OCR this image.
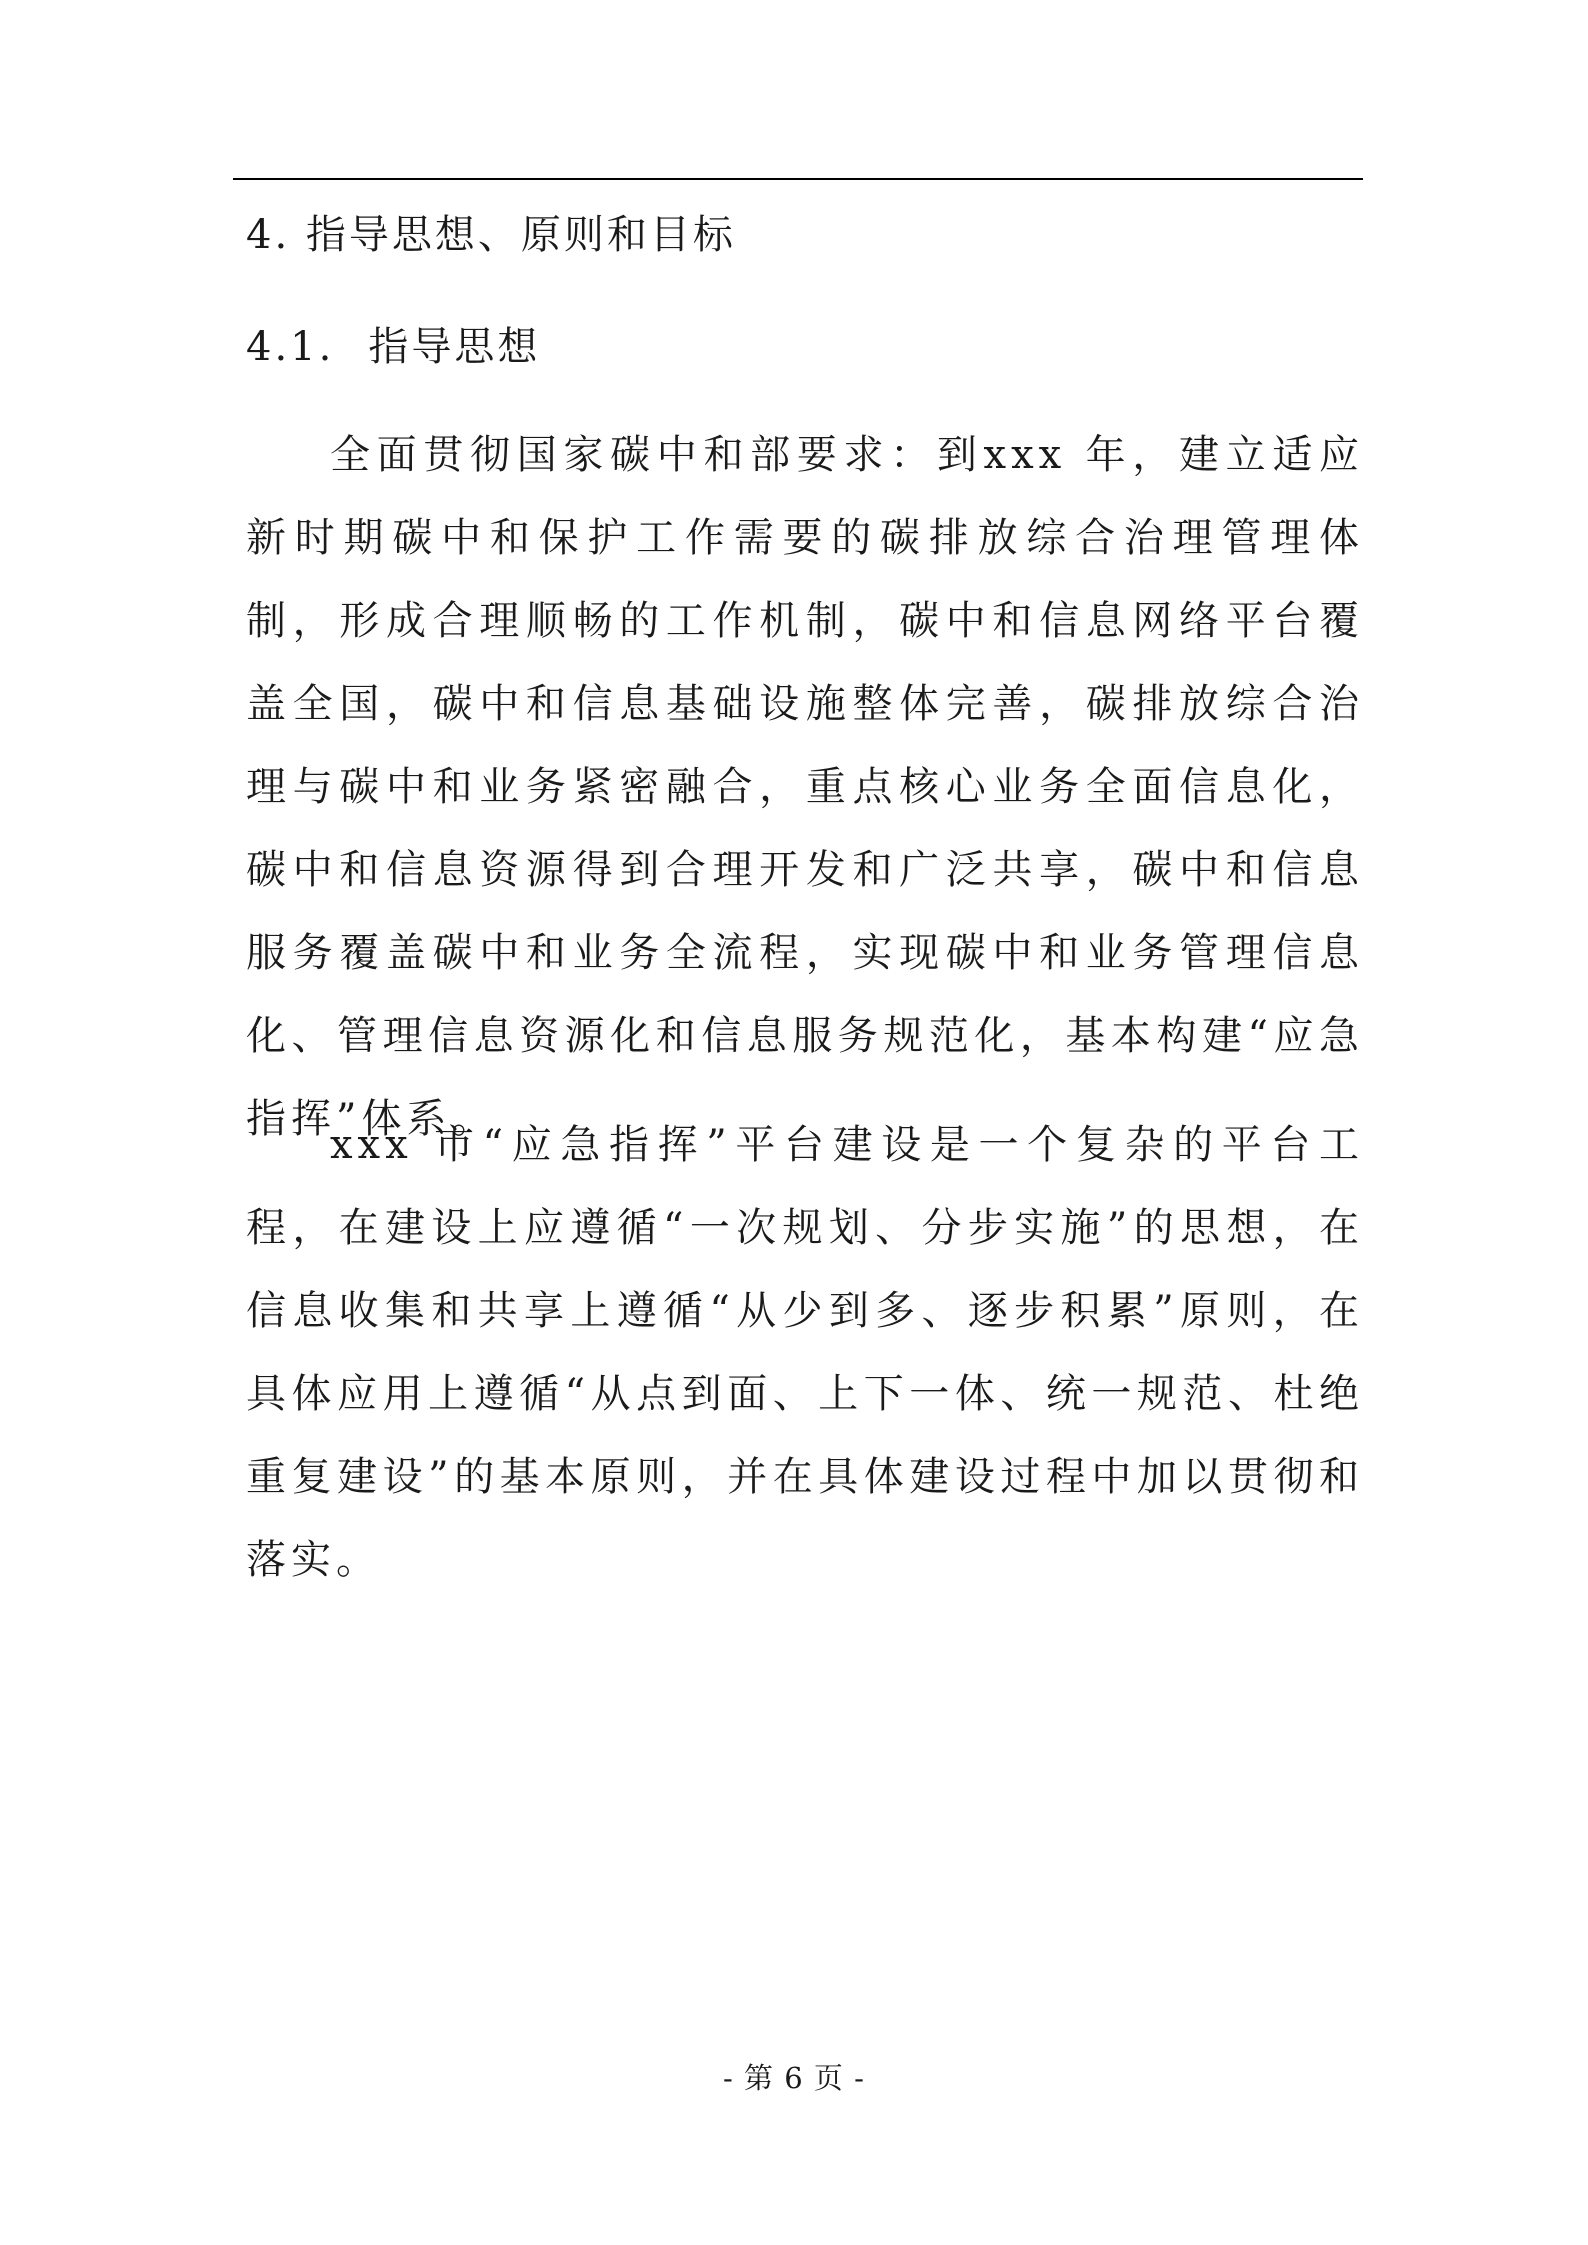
4. 指导思想、原则和目标
4.1. 指导思想

全面贯彻国家碳中和部要求：到xxx 年，建立适应新时期碳中和保护工作需要的碳排放综合治理管理体制，形成合理顺畅的工作机制，碳中和信息网络平台覆盖全国，碳中和信息基础设施整体完善，碳排放综合治理与碳中和业务紧密融合，重点核心业务全面信息化，碳中和信息资源得到合理开发和广泛共享，碳中和信息服务覆盖碳中和业务全流程，实现碳中和业务管理信息化、管理信息资源化和信息服务规范化，基本构建“应急指挥”体系。

xxx 市“应急指挥”平台建设是一个复杂的平台工程，在建设上应遵循“一次规划、分步实施”的思想，在信息收集和共享上遵循“从少到多、逐步积累”原则，在具体应用上遵循“从点到面、上下一体、统一规范、杜绝重复建设”的基本原则，并在具体建设过程中加以贯彻和落实。

- 第 6 页 -
